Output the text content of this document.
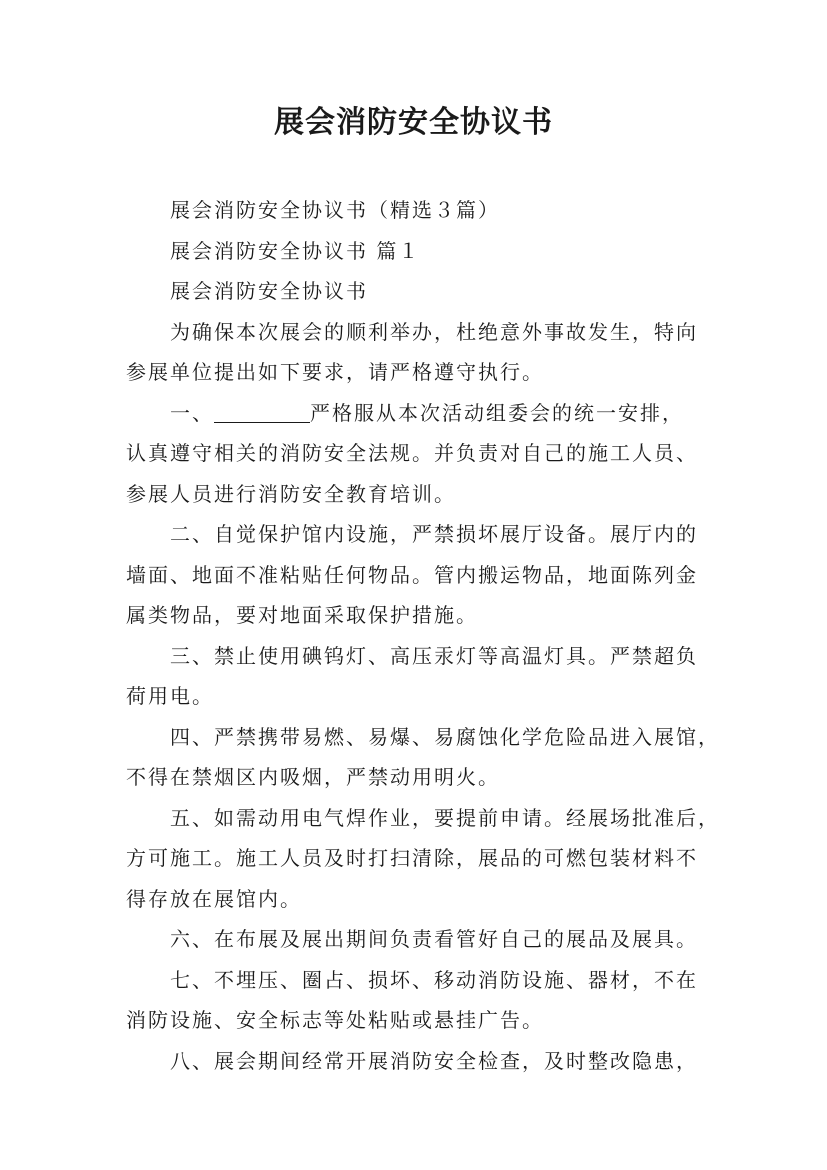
展会消防安全协议书

展会消防安全协议书（精选３篇）

展会消防安全协议书 篇１

展会消防安全协议书

为确保本次展会的顺利举办，杜绝意外事故发生，特向
参展单位提出如下要求，请严格遵守执行。

一、	严格服从本次活动组委会的统一安排，
认真遵守相关的消防安全法规。并负责对自己的施工人员、
参展人员进行消防安全教育培训。

二、自觉保护馆内设施，严禁损坏展厅设备。展厅内的
墙面、地面不准粘贴任何物品。管内搬运物品，地面陈列金
属类物品，要对地面采取保护措施。

三、禁止使用碘钨灯、高压汞灯等高温灯具。严禁超负
荷用电。

四、严禁携带易燃、易爆、易腐蚀化学危险品进入展馆，
不得在禁烟区内吸烟，严禁动用明火。

五、如需动用电气焊作业，要提前申请。经展场批准后，
方可施工。施工人员及时打扫清除，展品的可燃包装材料不
得存放在展馆内。

六、在布展及展出期间负责看管好自己的展品及展具。

七、不埋压、圈占、损坏、移动消防设施、器材，不在
消防设施、安全标志等处粘贴或悬挂广告。

八、展会期间经常开展消防安全检查，及时整改隐患，
